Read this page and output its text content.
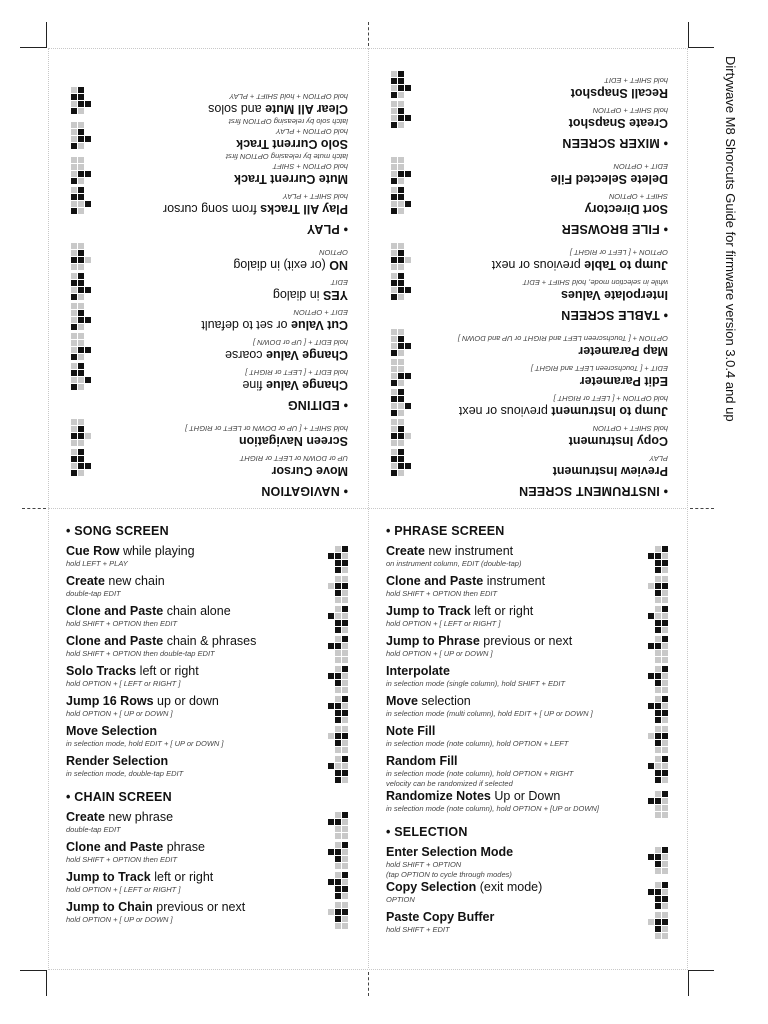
Dirtywave M8 Shorcuts Guide for firmware version 3.0.4 and up
• INSTRUMENT SCREEN
Preview Instrument
PLAY
Copy Instrument
hold SHIFT + OPTION
Jump to Instrument previous or next
hold OPTION + [ LEFT or RIGHT ]
Edit Parameter
EDIT + [ Touchscreen LEFT and RIGHT ]
Map Parameter
OPTION + [ Touchscreen LEFT and RIGHT or UP and DOWN ]
• TABLE SCREEN
Interpolate Values
while in selection mode, hold SHIFT + EDIT
Jump to Table previous or next
OPTION + [ LEFT or RIGHT ]
• FILE BROWSER
Sort Directory
SHIFT + OPTION
Delete Selected File
EDIT + OPTION
• MIXER SCREEN
Create Snapshot
hold SHIFT + OPTION
Recall Snapshot
hold SHIFT + EDIT
• NAVIGATION
Move Cursor
UP or DOWN or LEFT or RIGHT
Screen Navigation
hold SHIFT + [ UP or DOWN or LEFT or RIGHT ]
• EDITING
Change Value fine
hold EDIT + [ LEFT or RIGHT ]
Change Value coarse
hold EDIT + [ UP or DOWN ]
Cut Value or set to default
EDIT + OPTION
YES in dialog
EDIT
NO (or exit) in dialog
OPTION
• PLAY
Play All Tracks from song cursor
hold SHIFT + PLAY
Mute Current Track
hold OPTION + SHIFT
latch mute by releasing OPTION first
Solo Current Track
hold OPTION + PLAY
latch solo by releasing OPTION first
Clear All Mute and solos
hold OPTION + hold SHIFT + PLAY
• SONG SCREEN
Cue Row while playing
hold LEFT + PLAY
Create new chain
double-tap EDIT
Clone and Paste chain alone
hold SHIFT + OPTION then EDIT
Clone and Paste chain & phrases
hold SHIFT + OPTION then double-tap EDIT
Solo Tracks left or right
hold OPTION + [ LEFT or RIGHT ]
Jump 16 Rows up or down
hold OPTION + [ UP or DOWN ]
Move Selection
in selection mode, hold EDIT + [ UP or DOWN ]
Render Selection
in selection mode, double-tap EDIT
• CHAIN SCREEN
Create new phrase
double-tap EDIT
Clone and Paste phrase
hold SHIFT + OPTION then EDIT
Jump to Track left or right
hold OPTION + [ LEFT or RIGHT ]
Jump to Chain previous or next
hold OPTION + [ UP or DOWN ]
• PHRASE SCREEN
Create new instrument
on instrument column, EDIT (double-tap)
Clone and Paste instrument
hold SHIFT + OPTION then EDIT
Jump to Track left or right
hold OPTION + [ LEFT or RIGHT ]
Jump to Phrase previous or next
hold OPTION + [ UP or DOWN ]
Interpolate
in selection mode (single column), hold SHIFT + EDIT
Move selection
in selection mode (multi column), hold EDIT + [ UP or DOWN ]
Note Fill
in selection mode (note column), hold OPTION + LEFT
Random Fill
in selection mode (note column), hold OPTION + RIGHT
velocity can be randomized if selected
Randomize Notes Up or Down
in selection mode (note column), hold OPTION + [UP or DOWN]
• SELECTION
Enter Selection Mode
hold SHIFT + OPTION
(tap OPTION to cycle through modes)
Copy Selection (exit mode)
OPTION
Paste Copy Buffer
hold SHIFT + EDIT
